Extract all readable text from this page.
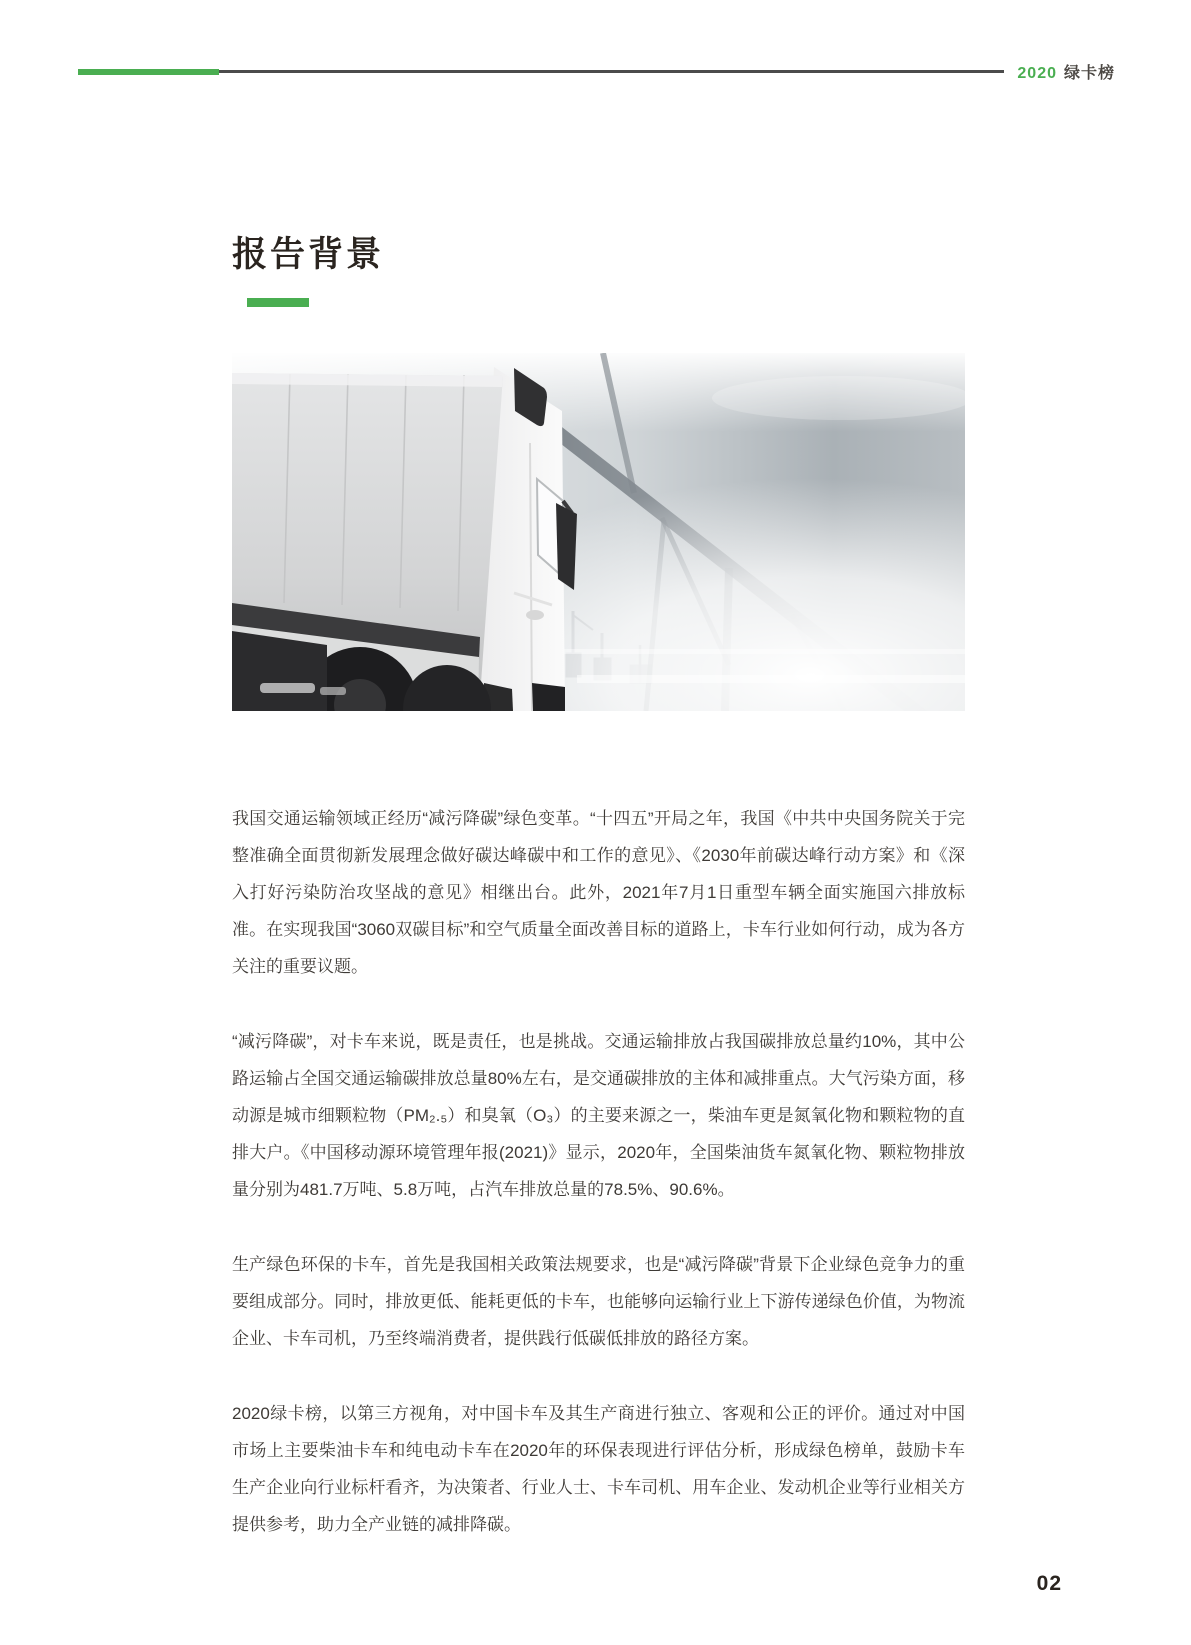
2020 绿卡榜
报告背景

我国交通运输领域正经历“减污降碳”绿色变革。“十四五”开局之年，我国《中共中央国务院关于完整准确全面贯彻新发展理念做好碳达峰碳中和工作的意见》、《2030年前碳达峰行动方案》和《深入打好污染防治攻坚战的意见》相继出台。此外，2021年7月1日重型车辆全面实施国六排放标准。在实现我国“3060双碳目标”和空气质量全面改善目标的道路上，卡车行业如何行动，成为各方关注的重要议题。

“减污降碳”，对卡车来说，既是责任，也是挑战。交通运输排放占我国碳排放总量约10%，其中公路运输占全国交通运输碳排放总量80%左右，是交通碳排放的主体和减排重点。大气污染方面，移动源是城市细颗粒物（PM₂.₅）和臭氧（O₃）的主要来源之一，柴油车更是氮氧化物和颗粒物的直排大户。《中国移动源环境管理年报(2021)》显示，2020年，全国柴油货车氮氧化物、颗粒物排放量分别为481.7万吨、5.8万吨，占汽车排放总量的78.5%、90.6%。

生产绿色环保的卡车，首先是我国相关政策法规要求，也是“减污降碳”背景下企业绿色竞争力的重要组成部分。同时，排放更低、能耗更低的卡车，也能够向运输行业上下游传递绿色价值，为物流企业、卡车司机，乃至终端消费者，提供践行低碳低排放的路径方案。

2020绿卡榜，以第三方视角，对中国卡车及其生产商进行独立、客观和公正的评价。通过对中国市场上主要柴油卡车和纯电动卡车在2020年的环保表现进行评估分析，形成绿色榜单，鼓励卡车生产企业向行业标杆看齐，为决策者、行业人士、卡车司机、用车企业、发动机企业等行业相关方提供参考，助力全产业链的减排降碳。

02
